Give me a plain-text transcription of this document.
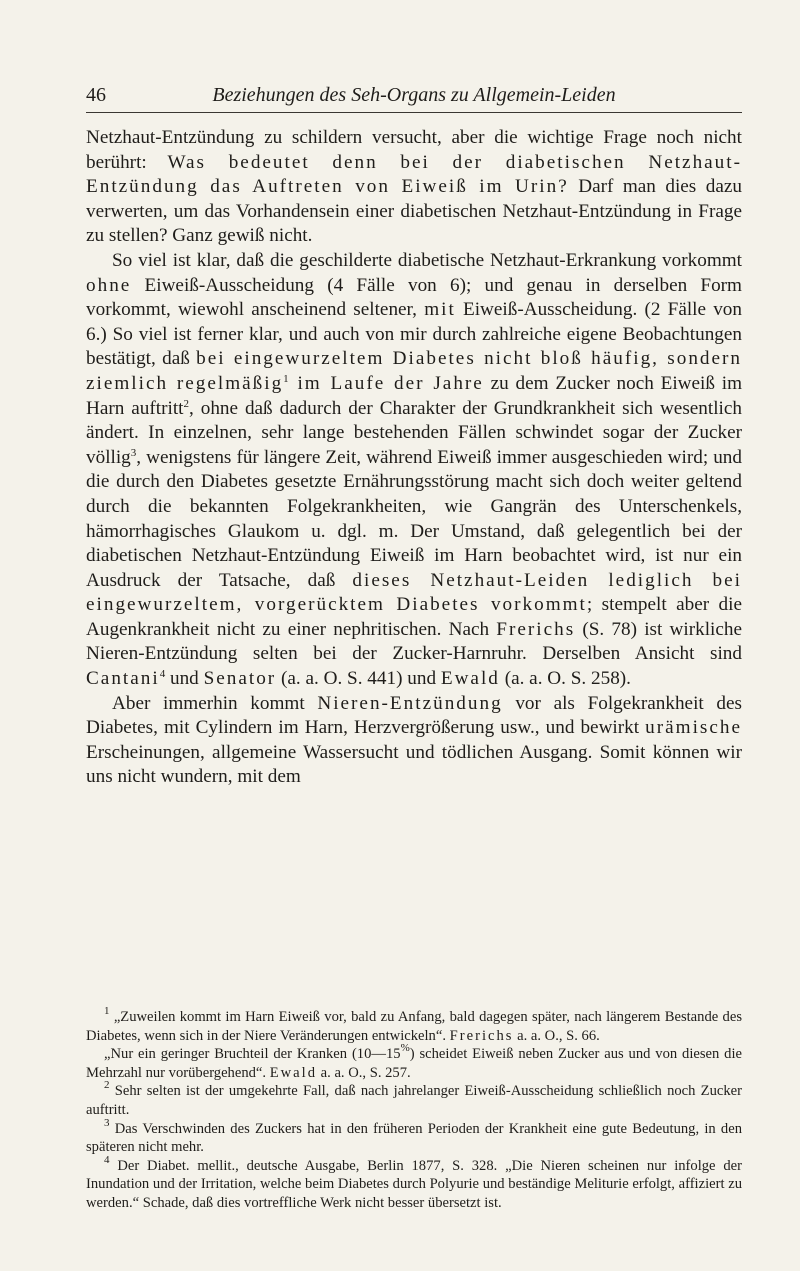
46	Beziehungen des Seh-Organs zu Allgemein-Leiden

Netzhaut-Entzündung zu schildern versucht, aber die wichtige Frage noch nicht berührt: Was bedeutet denn bei der diabetischen Netzhaut-Entzündung das Auftreten von Eiweiß im Urin? Darf man dies dazu verwerten, um das Vorhandensein einer diabetischen Netzhaut-Entzündung in Frage zu stellen? Ganz gewiß nicht.

So viel ist klar, daß die geschilderte diabetische Netzhaut-Erkrankung vorkommt ohne Eiweiß-Ausscheidung (4 Fälle von 6); und genau in derselben Form vorkommt, wiewohl anscheinend seltener, mit Eiweiß-Ausscheidung. (2 Fälle von 6.) So viel ist ferner klar, und auch von mir durch zahlreiche eigene Beobachtungen bestätigt, daß bei eingewurzeltem Diabetes nicht bloß häufig, sondern ziemlich regelmäßig$^1$ im Laufe der Jahre zu dem Zucker noch Eiweiß im Harn auftritt$^2$, ohne daß dadurch der Charakter der Grundkrankheit sich wesentlich ändert. In einzelnen, sehr lange bestehenden Fällen schwindet sogar der Zucker völlig$^3$, wenigstens für längere Zeit, während Eiweiß immer ausgeschieden wird; und die durch den Diabetes gesetzte Ernährungsstörung macht sich doch weiter geltend durch die bekannten Folgekrankheiten, wie Gangrän des Unterschenkels, hämorrhagisches Glaukom u. dgl. m. Der Umstand, daß gelegentlich bei der diabetischen Netzhaut-Entzündung Eiweiß im Harn beobachtet wird, ist nur ein Ausdruck der Tatsache, daß dieses Netzhaut-Leiden lediglich bei eingewurzeltem, vorgerücktem Diabetes vorkommt; stempelt aber die Augenkrankheit nicht zu einer nephritischen. Nach Frerichs (S. 78) ist wirkliche Nieren-Entzündung selten bei der Zucker-Harnruhr. Derselben Ansicht sind Cantani$^4$ und Senator (a. a. O. S. 441) und Ewald (a. a. O. S. 258).

Aber immerhin kommt Nieren-Entzündung vor als Folgekrankheit des Diabetes, mit Cylindern im Harn, Herzvergrößerung usw., und bewirkt urämische Erscheinungen, allgemeine Wassersucht und tödlichen Ausgang. Somit können wir uns nicht wundern, mit dem

$^1$ „Zuweilen kommt im Harn Eiweiß vor, bald zu Anfang, bald dagegen später, nach längerem Bestande des Diabetes, wenn sich in der Niere Veränderungen entwickeln“. Frerichs a. a. O., S. 66.

„Nur ein geringer Bruchteil der Kranken (10—15%) scheidet Eiweiß neben Zucker aus und von diesen die Mehrzahl nur vorübergehend“. Ewald a. a. O., S. 257.

$^2$ Sehr selten ist der umgekehrte Fall, daß nach jahrelanger Eiweiß-Ausscheidung schließlich noch Zucker auftritt.

$^3$ Das Verschwinden des Zuckers hat in den früheren Perioden der Krankheit eine gute Bedeutung, in den späteren nicht mehr.

$^4$ Der Diabet. mellit., deutsche Ausgabe, Berlin 1877, S. 328. „Die Nieren scheinen nur infolge der Inundation und der Irritation, welche beim Diabetes durch Polyurie und beständige Meliturie erfolgt, affiziert zu werden.“ Schade, daß dies vortreffliche Werk nicht besser übersetzt ist.
